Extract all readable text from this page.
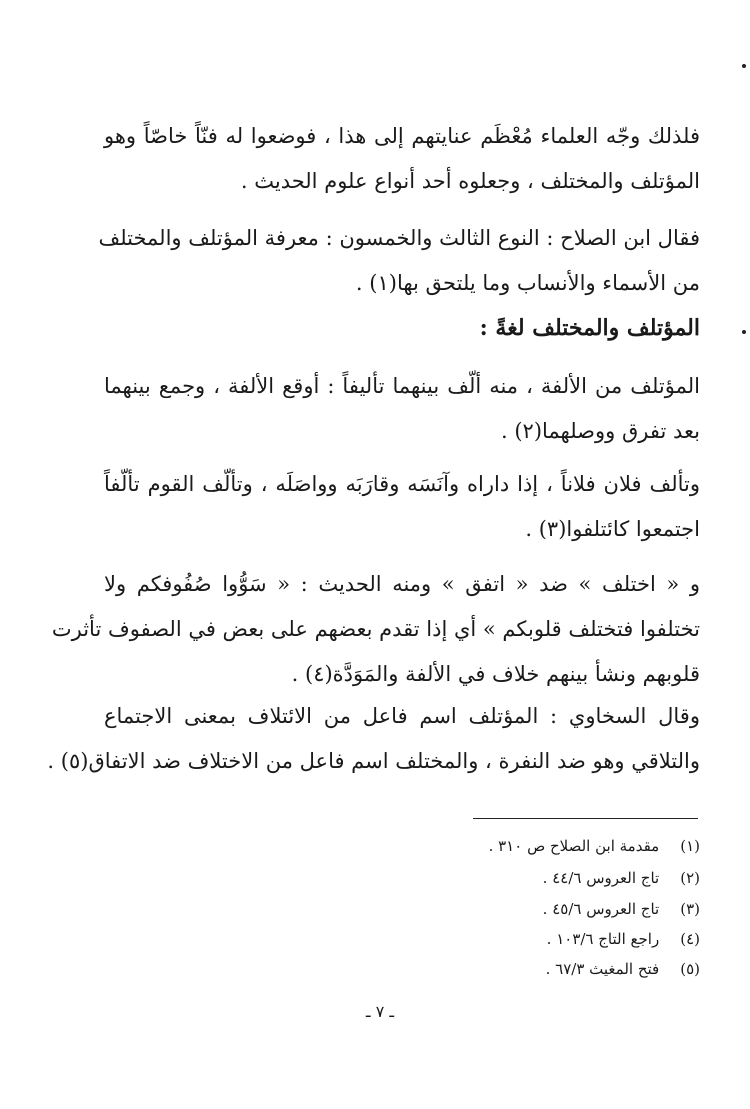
فلذلك وجّه العلماء مُعْظَم عنايتهم إلى هذا ، فوضعوا له فنّاً خاصّاً وهو
المؤتلف والمختلف ، وجعلوه أحد أنواع علوم الحديث .

فقال ابن الصلاح : النوع الثالث والخمسون : معرفة المؤتلف والمختلف
من الأسماء والأنساب وما يلتحق بها(١) .

المؤتلف والمختلف لغةً :

المؤتلف من الألفة ، منه ألّف بينهما تأليفاً : أوقع الألفة ، وجمع بينهما
بعد تفرق ووصلهما(٢) .

وتألف فلان فلاناً ، إذا داراه وآنَسَه وقارَبَه وواصَلَه ، وتألّف القوم تألّفاً
اجتمعوا كائتلفوا(٣) .

و « اختلف » ضد « اتفق » ومنه الحديث : « سَوُّوا صُفُوفكم ولا
تختلفوا فتختلف قلوبكم » أي إذا تقدم بعضهم على بعض في الصفوف تأثرت
قلوبهم ونشأ بينهم خلاف في الألفة والمَوَدَّة(٤) .

وقال السخاوي : المؤتلف اسم فاعل من الائتلاف بمعنى الاجتماع
والتلاقي وهو ضد النفرة ، والمختلف اسم فاعل من الاختلاف ضد الاتفاق(٥) .

(١) مقدمة ابن الصلاح ص ٣١٠ .
(٢) تاج العروس ٤٤/٦ .
(٣) تاج العروس ٤٥/٦ .
(٤) راجع التاج ١٠٣/٦ .
(٥) فتح المغيث ٦٧/٣ .
ـ ٧ ـ
